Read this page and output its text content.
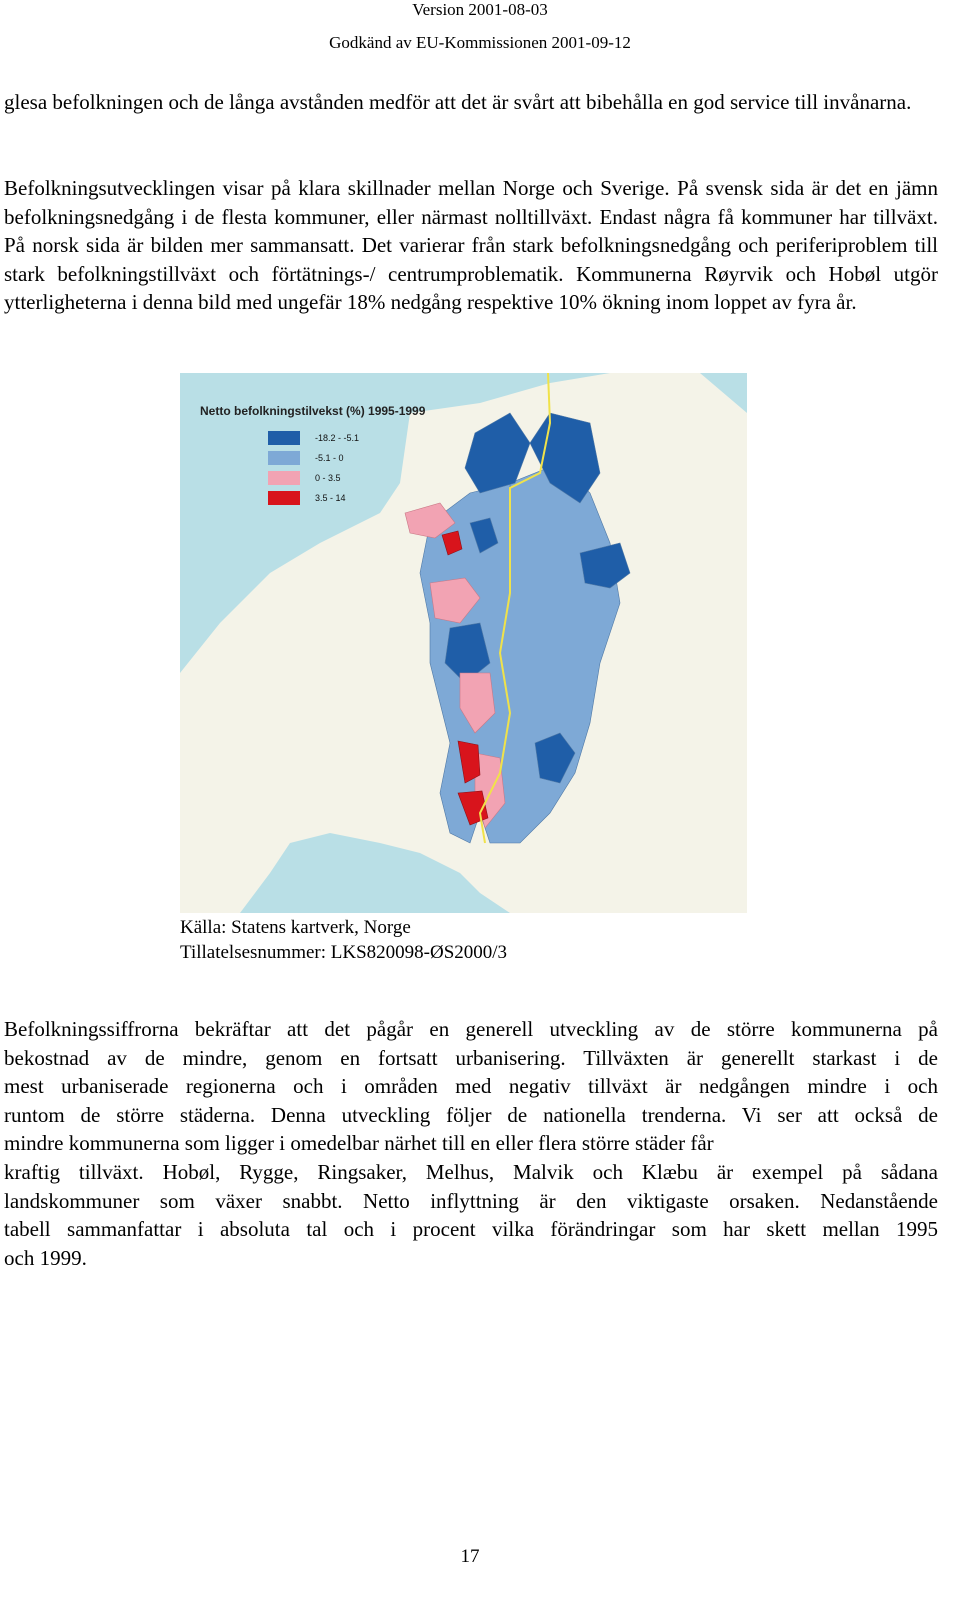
Version 2001-08-03
Godkänd av EU-Kommissionen 2001-09-12
glesa befolkningen och de långa avstånden medför att det är svårt att bibehålla en god service till invånarna.
Befolkningsutvecklingen visar på klara skillnader mellan Norge och Sverige. På svensk sida är det en jämn befolkningsnedgång i de flesta kommuner, eller närmast nolltillväxt. Endast några få kommuner har tillväxt. På norsk sida är bilden mer sammansatt. Det varierar från stark befolkningsnedgång och periferiproblem till stark befolkningstillväxt och förtätnings-/ centrumproblematik. Kommunerna Røyrvik och Hobøl utgör ytterligheterna i denna bild med ungefär 18% nedgång respektive 10% ökning inom loppet av fyra år.
Netto befolkningstilvekst (%) 1995-1999
-18.2 - -5.1
-5.1 - 0
0 - 3.5
3.5 - 14
Källa: Statens kartverk, Norge
Tillatelsesnummer: LKS820098-ØS2000/3
Befolkningssiffrorna bekräftar att det pågår en generell utveckling av de större kommunerna på
bekostnad av de mindre, genom en fortsatt urbanisering. Tillväxten är generellt starkast i de
mest urbaniserade regionerna och i områden med negativ tillväxt är nedgången mindre i och
runtom de större städerna. Denna utveckling följer de nationella trenderna. Vi ser att också de
mindre kommunerna som ligger i omedelbar närhet till en eller flera större städer får
kraftig tillväxt. Hobøl, Rygge, Ringsaker, Melhus, Malvik och Klæbu är exempel på sådana
landskommuner som växer snabbt. Netto inflyttning är den viktigaste orsaken. Nedanstående
tabell sammanfattar i absoluta tal och i procent vilka förändringar som har skett mellan 1995
och 1999.
17
